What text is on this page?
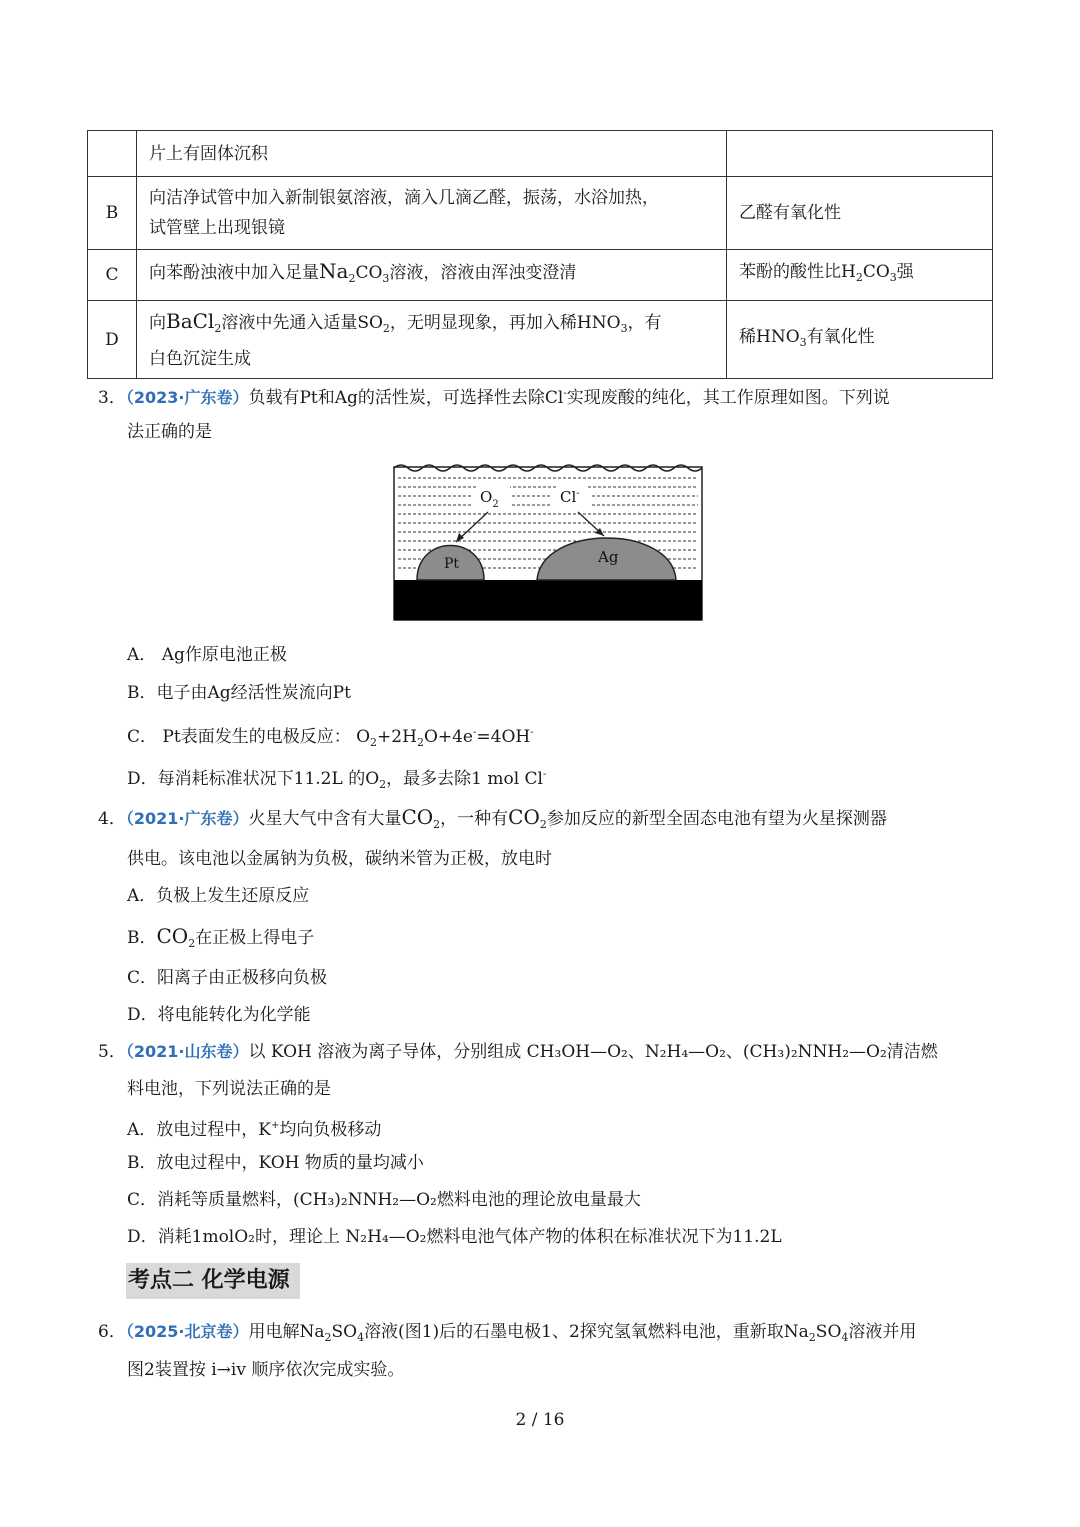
	片上有固体沉积	
B	向洁净试管中加入新制银氨溶液，滴入几滴乙醛，振荡，水浴加热，
试管壁上出现银镜	乙醛有氧化性
C	向苯酚浊液中加入足量$Na_2CO_3$溶液，溶液由浑浊变澄清	苯酚的酸性比$H_2CO_3$强
D	向BaCl$_2$溶液中先通入适量$SO_2$，无明显现象，再加入稀$HNO_3$，有
白色沉淀生成	稀$HNO_3$有氧化性
3．（2023·广东卷）负载有Pt和Ag的活性炭，可选择性去除Cl-实现废酸的纯化，其工作原理如图。下列说
法正确的是
Pt	Ag
$O_2$	Cl-
A． Ag作原电池正极
B．电子由Ag经活性炭流向Pt
C． Pt表面发生的电极反应： $O_2+2H_2O+4e^-=4OH^-$
D．每消耗标准状况下11.2L 的$O_2$，最多去除1 mol Cl-
4．（2021·广东卷）火星大气中含有大量$CO_2$，一种有$CO_2$参加反应的新型全固态电池有望为火星探测器
供电。该电池以金属钠为负极，碳纳米管为正极，放电时
A．负极上发生还原反应
B．$CO_2$在正极上得电子
C．阳离子由正极移向负极
D．将电能转化为化学能
5．（2021·山东卷）以 KOH 溶液为离子导体，分别组成 CH₃OH—O₂、N₂H₄—O₂、(CH₃)₂NNH₂—O₂清洁燃
料电池，下列说法正确的是
A．放电过程中，K+均向负极移动
B．放电过程中，KOH 物质的量均减小
C．消耗等质量燃料，(CH₃)₂NNH₂—O₂燃料电池的理论放电量最大
D．消耗1molO₂时，理论上 N₂H₄—O₂燃料电池气体产物的体积在标准状况下为11.2L
考点二 化学电源
6．（2025·北京卷）用电解$Na_2SO_4$溶液(图1)后的石墨电极1、2探究氢氧燃料电池，重新取$Na_2SO_4$溶液并用
图2装置按 i→iv 顺序依次完成实验。
2 / 16
